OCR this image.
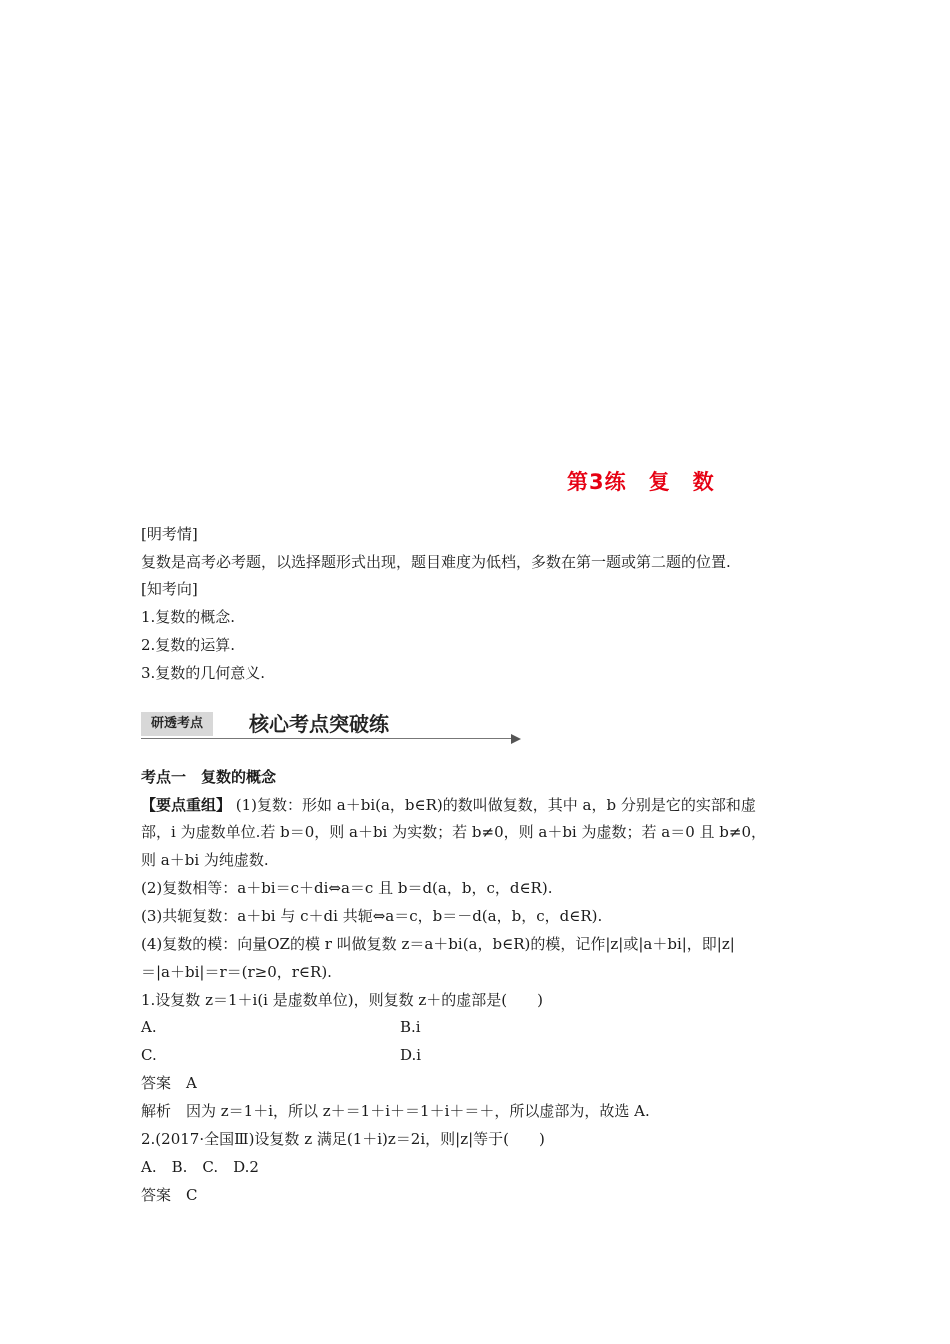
第3练　复　数
[明考情]
复数是高考必考题，以选择题形式出现，题目难度为低档，多数在第一题或第二题的位置.
[知考向]
1.复数的概念.
2.复数的运算.
3.复数的几何意义.
研透考点	核心考点突破练
考点一　复数的概念
【要点重组】 (1)复数：形如 a＋bi(a，b∈R)的数叫做复数，其中 a，b 分别是它的实部和虚
部，i 为虚数单位.若 b＝0，则 a＋bi 为实数；若 b≠0，则 a＋bi 为虚数；若 a＝0 且 b≠0，
则 a＋bi 为纯虚数.
(2)复数相等：a＋bi＝c＋di⇔a＝c 且 b＝d(a，b，c，d∈R).
(3)共轭复数：a＋bi 与 c＋di 共轭⇔a＝c，b＝－d(a，b，c，d∈R).
(4)复数的模：向量OZ的模 r 叫做复数 z＝a＋bi(a，b∈R)的模，记作|z|或|a＋bi|，即|z|
＝|a＋bi|＝r＝(r≥0，r∈R).
1.设复数 z＝1＋i(i 是虚数单位)，则复数 z＋的虚部是(　　)
A.	B.i
C.	D.i
答案　A
解析　因为 z＝1＋i，所以 z＋＝1＋i＋＝1＋i＋＝＋，所以虚部为，故选 A.
2.(2017·全国Ⅲ)设复数 z 满足(1＋i)z＝2i，则|z|等于(　　)
A.　B.　C.　D.2
答案　C
